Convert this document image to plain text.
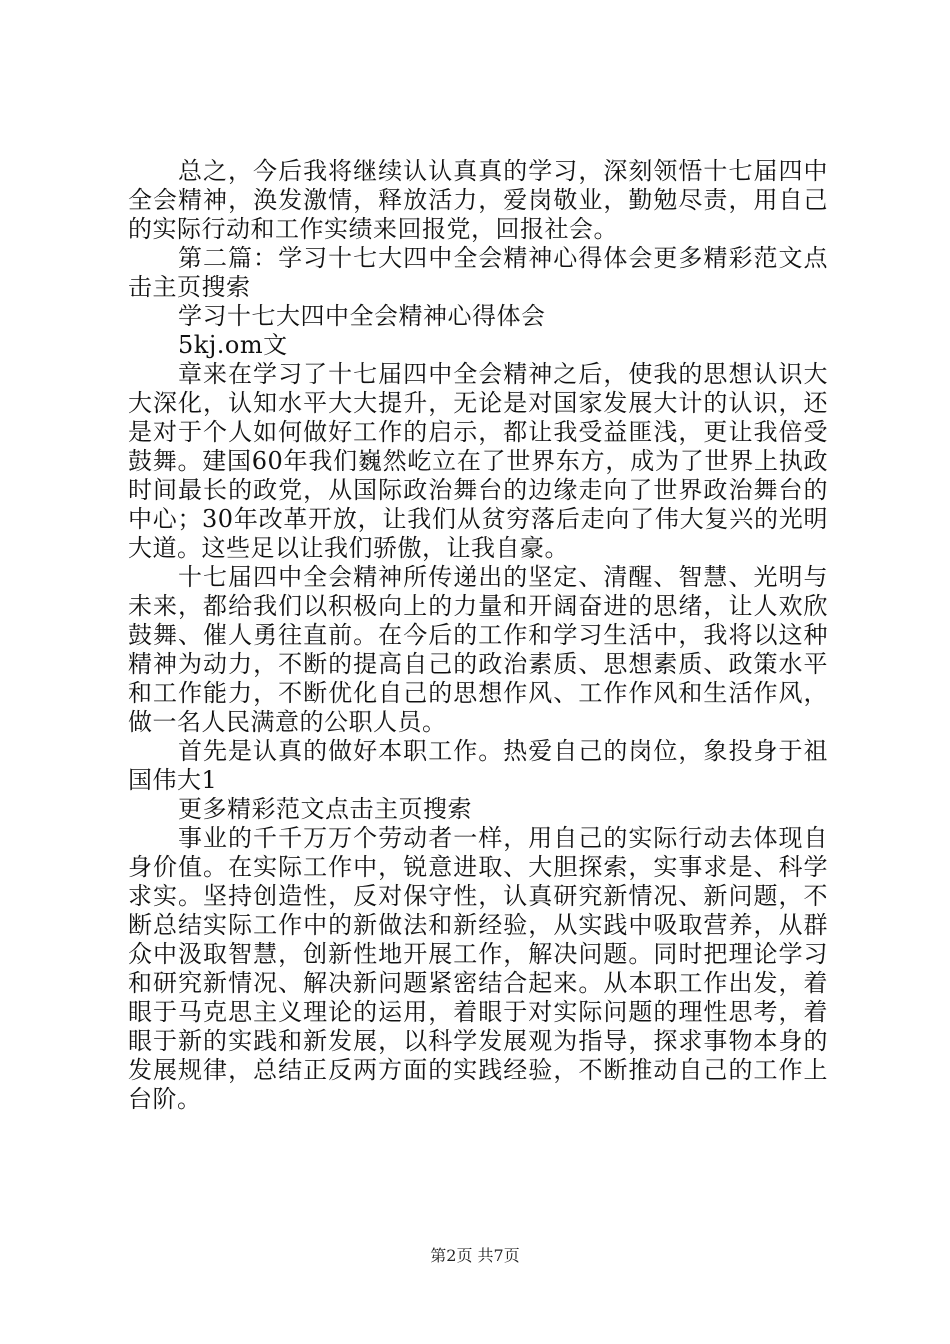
总之，今后我将继续认认真真的学习，深刻领悟十七届四中全会精神，涣发激情，释放活力，爱岗敬业，勤勉尽责，用自己的实际行动和工作实绩来回报党，回报社会。

第二篇：学习十七大四中全会精神心得体会更多精彩范文点击主页搜索

学习十七大四中全会精神心得体会

5kj.om文

章来在学习了十七届四中全会精神之后，使我的思想认识大大深化，认知水平大大提升，无论是对国家发展大计的认识，还是对于个人如何做好工作的启示，都让我受益匪浅，更让我倍受鼓舞。建国60年我们巍然屹立在了世界东方，成为了世界上执政时间最长的政党，从国际政治舞台的边缘走向了世界政治舞台的中心；30年改革开放，让我们从贫穷落后走向了伟大复兴的光明大道。这些足以让我们骄傲，让我自豪。

十七届四中全会精神所传递出的坚定、清醒、智慧、光明与未来，都给我们以积极向上的力量和开阔奋进的思绪，让人欢欣鼓舞、催人勇往直前。在今后的工作和学习生活中，我将以这种精神为动力，不断的提高自己的政治素质、思想素质、政策水平和工作能力，不断优化自己的思想作风、工作作风和生活作风，做一名人民满意的公职人员。

首先是认真的做好本职工作。热爱自己的岗位，象投身于祖国伟大1

更多精彩范文点击主页搜索

事业的千千万万个劳动者一样，用自己的实际行动去体现自身价值。在实际工作中，锐意进取、大胆探索，实事求是、科学求实。坚持创造性，反对保守性，认真研究新情况、新问题，不断总结实际工作中的新做法和新经验，从实践中吸取营养，从群众中汲取智慧，创新性地开展工作，解决问题。同时把理论学习和研究新情况、解决新问题紧密结合起来。从本职工作出发，着眼于马克思主义理论的运用，着眼于对实际问题的理性思考，着眼于新的实践和新发展，以科学发展观为指导，探求事物本身的发展规律，总结正反两方面的实践经验，不断推动自己的工作上台阶。

第2页 共7页
